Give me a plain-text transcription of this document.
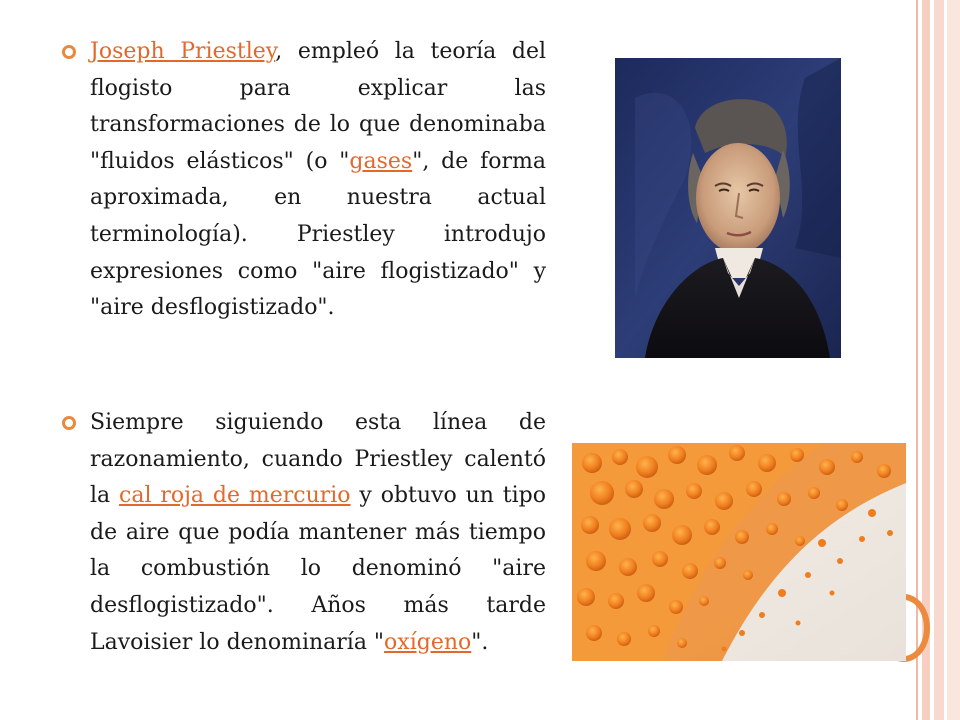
Joseph Priestley, empleó la teoría del flogisto para explicar las transformaciones de lo que denominaba "fluidos elásticos" (o "gases", de forma aproximada, en nuestra actual terminología). Priestley introdujo expresiones como "aire flogistizado" y "aire desflogistizado".
Siempre siguiendo esta línea de razonamiento, cuando Priestley calentó la cal roja de mercurio y obtuvo un tipo de aire que podía mantener más tiempo la combustión lo denominó "aire desflogistizado". Años más tarde Lavoisier lo denominaría "oxígeno".
